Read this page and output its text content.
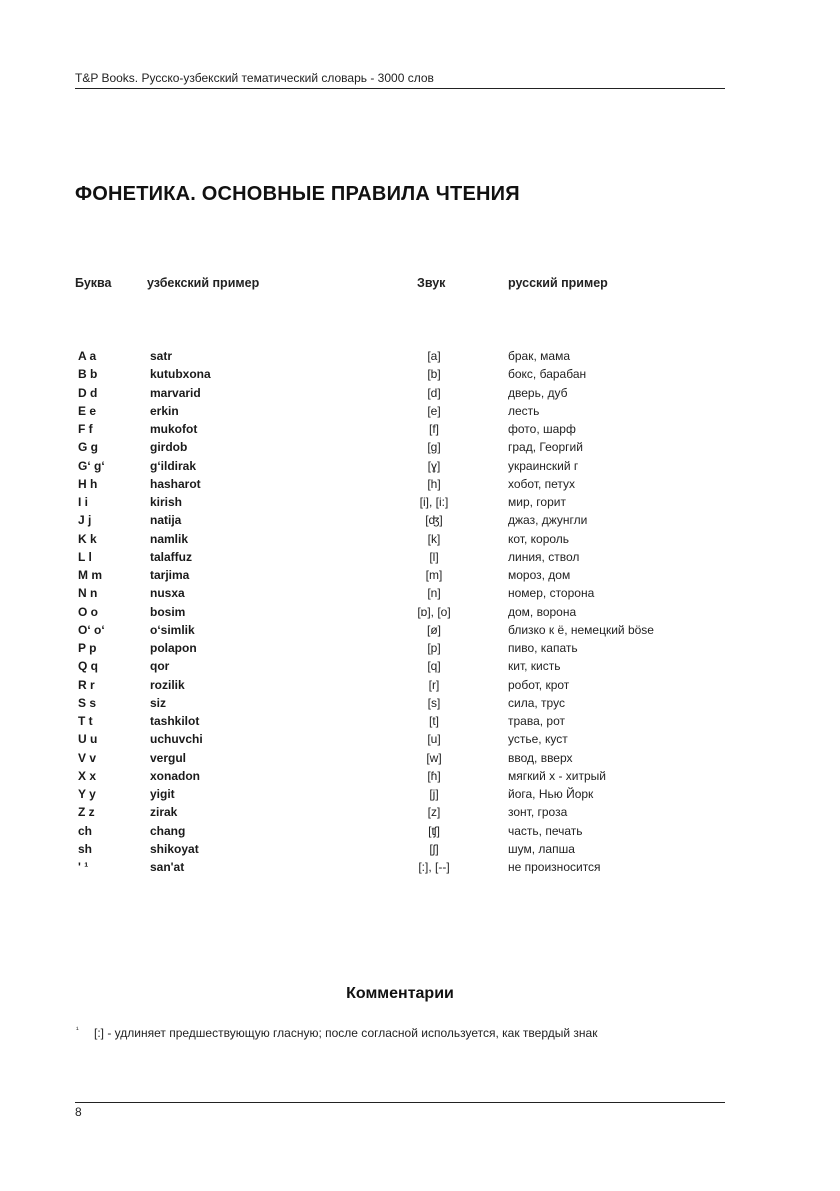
T&P Books. Русско-узбекский тематический словарь - 3000 слов
ФОНЕТИКА. ОСНОВНЫЕ ПРАВИЛА ЧТЕНИЯ
Буква	узбекский пример	Звук	русский пример
A a	satr	[a]	брак, мама
B b	kutubxona	[b]	бокс, барабан
D d	marvarid	[d]	дверь, дуб
E e	erkin	[e]	лесть
F f	mukofot	[f]	фото, шарф
G g	girdob	[g]	град, Георгий
G‘ g‘	g‘ildirak	[ɣ]	украинский г
H h	hasharot	[h]	хобот, петух
I i	kirish	[i], [i:]	мир, горит
J j	natija	[ʤ]	джаз, джунгли
K k	namlik	[k]	кот, король
L l	talaffuz	[l]	линия, ствол
M m	tarjima	[m]	мороз, дом
N n	nusxa	[n]	номер, сторона
O o	bosim	[ɒ], [o]	дом, ворона
O‘ o‘	o‘simlik	[ø]	близко к ё, немецкий böse
P p	polapon	[p]	пиво, капать
Q q	qor	[q]	кит, кисть
R r	rozilik	[r]	робот, крот
S s	siz	[s]	сила, трус
T t	tashkilot	[t]	трава, рот
U u	uchuvchi	[u]	устье, куст
V v	vergul	[w]	ввод, вверх
X x	xonadon	[ɦ]	мягкий х - хитрый
Y y	yigit	[j]	йога, Нью Йорк
Z z	zirak	[z]	зонт, гроза
ch	chang	[ʧ]	часть, печать
sh	shikoyat	[ʃ]	шум, лапша
' ¹	san'at	[:], [--]	не произносится
Комментарии
¹ [:] - удлиняет предшествующую гласную; после согласной используется, как твердый знак
8
